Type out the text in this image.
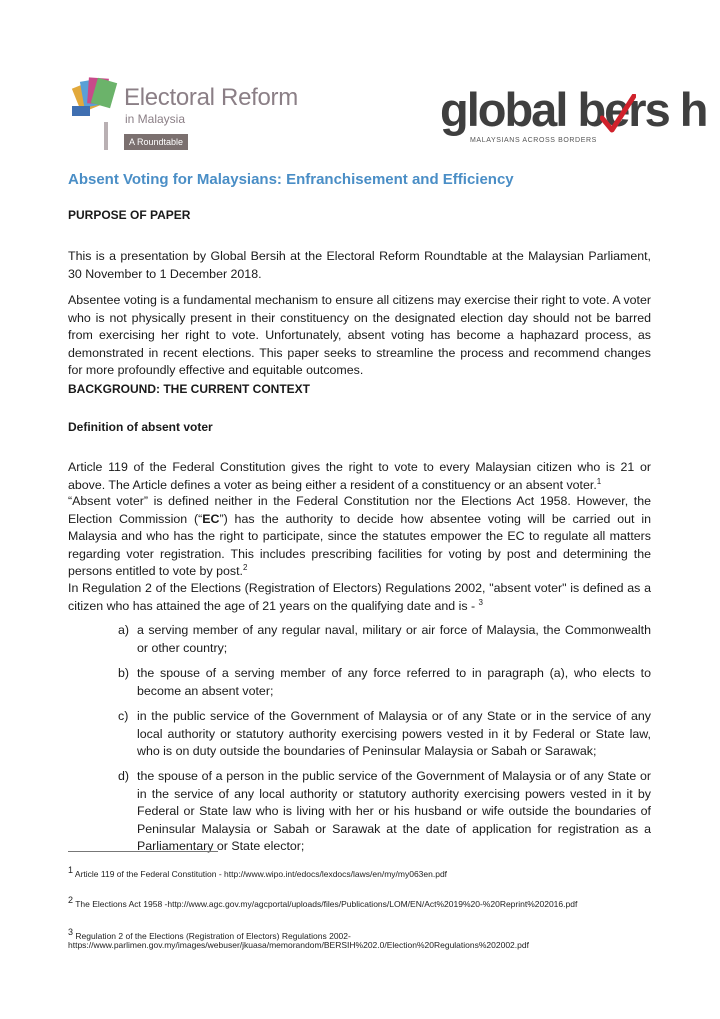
Electoral Reform
in Malaysia
A Roundtable
global bers h
MALAYSIANS ACROSS BORDERS
Absent Voting for Malaysians: Enfranchisement and Efficiency
PURPOSE OF PAPER

This is a presentation by Global Bersih at the Electoral Reform Roundtable at the Malaysian Parliament, 30 November to 1 December 2018.

Absentee voting is a fundamental mechanism to ensure all citizens may exercise their right to vote. A voter who is not physically present in their constituency on the designated election day should not be barred from exercising her right to vote. Unfortunately, absent voting has become a haphazard process, as demonstrated in recent elections. This paper seeks to streamline the process and recommend changes for more profoundly effective and equitable outcomes.

BACKGROUND: THE CURRENT CONTEXT
Definition of absent voter

Article 119 of the Federal Constitution gives the right to vote to every Malaysian citizen who is 21 or above. The Article defines a voter as being either a resident of a constituency or an absent voter.$^1$

“Absent voter” is defined neither in the Federal Constitution nor the Elections Act 1958. However, the Election Commission (“EC”) has the authority to decide how absentee voting will be carried out in Malaysia and who has the right to participate, since the statutes empower the EC to regulate all matters regarding voter registration. This includes prescribing facilities for voting by post and determining the persons entitled to vote by post.$^2$

In Regulation 2 of the Elections (Registration of Electors) Regulations 2002, "absent voter" is defined as a citizen who has attained the age of 21 years on the qualifying date and is - $^3$

a) a serving member of any regular naval, military or air force of Malaysia, the Commonwealth or other country;

b) the spouse of a serving member of any force referred to in paragraph (a), who elects to become an absent voter;

c) in the public service of the Government of Malaysia or of any State or in the service of any local authority or statutory authority exercising powers vested in it by Federal or State law, who is on duty outside the boundaries of Peninsular Malaysia or Sabah or Sarawak;

d) the spouse of a person in the public service of the Government of Malaysia or of any State or in the service of any local authority or statutory authority exercising powers vested in it by Federal or State law who is living with her or his husband or wife outside the boundaries of Peninsular Malaysia or Sabah or Sarawak at the date of application for registration as a Parliamentary or State elector;

$^1$ Article 119 of the Federal Constitution - http://www.wipo.int/edocs/lexdocs/laws/en/my/my063en.pdf
$^2$ The Elections Act 1958 -http://www.agc.gov.my/agcportal/uploads/files/Publications/LOM/EN/Act%2019%20-%20Reprint%202016.pdf
$^3$ Regulation 2 of the Elections (Registration of Electors) Regulations 2002-
https://www.parlimen.gov.my/images/webuser/jkuasa/memorandom/BERSIH%202.0/Election%20Regulations%202002.pdf
